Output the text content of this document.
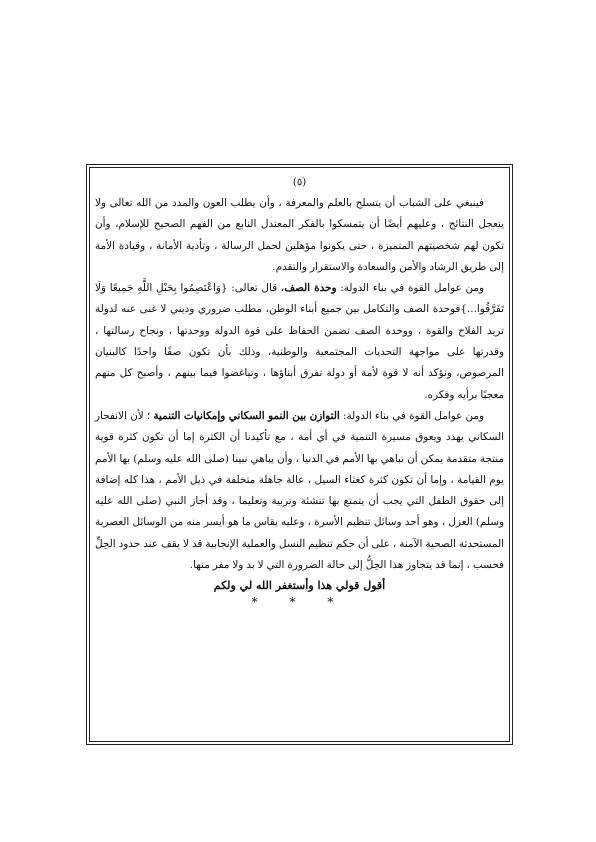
(٥)

فينبغي على الشباب أن يتسلح بالعلم والمعرفة ، وأن يطلب العون والمدد من الله تعالى ولا يتعجل النتائج ، وعليهم أيضًا أن يتمسكوا بالفكر المعتدل النابع من الفهم الصحيح للإسلام، وأن تكون لهم شخصيتهم المتميزة ، حتى يكونوا مؤهلين لحمل الرسالة ، وتأدية الأمانة ، وقيادة الأمة إلى طريق الرشاد والأمن والسعادة والاستقرار والتقدم.

ومن عوامل القوة في بناء الدولة: وحدة الصف، قال تعالى: {وَاعْتَصِمُوا بِحَبْلِ اللَّهِ جَمِيعًا وَلَا تَفَرَّقُوا...}فوحدة الصف والتكامل بين جميع أبناء الوطن، مطلب ضروري وديني لا غنى عنه لدولة تريد الفلاح والقوة ، ووحدة الصف تضمن الحفاظ على قوة الدولة ووحدتها ، ونجاح رسالتها ، وقدرتها على مواجهة التحديات المجتمعية والوطنية، وذلك بأن تكون صفًا واحدًا كالبنيان المرصوص، ونؤكد أنه لا قوة لأمة أو دولة تفرق أبناؤها ، وتباغضوا فيما بينهم ، وأصبح كل منهم معجبًا برأيه وفكره.

ومن عوامل القوة في بناء الدولة: التوازن بين النمو السكاني وإمكانيات التنمية ؛ لأن الانفجار السكاني يهدد ويعوق مسيرة التنمية في أي أمة ، مع تأكيدنا أن الكثرة إما أن تكون كثرة قوية منتجة متقدمة يمكن أن نباهي بها الأمم في الدنيا ، وأن يباهي نبينا (صلى الله عليه وسلم) بها الأمم يوم القيامة ، وإما أن تكون كثرة كغثاء السيل ، عالة جاهلة متخلفة في ذيل الأمم ، هذا كله إضافة إلى حقوق الطفل التي يجب أن يتمتع بها تنشئة وتربية وتعليما ، وقد أجاز النبي (صلى الله عليه وسلم) العزل ، وهو أحد وسائل تنظيم الأسرة ، وعليه يقاس ما هو أيسر منه من الوسائل العصرية المستحدثة الصحية الآمنة ، على أن حكم تنظيم النسل والعملية الإنجابية قد لا يقف عند حدود الحِلِّ فحسب ، إنما قد يتجاوز هذا الحِلُّ إلى حالة الضرورة التي لا بد ولا مفر منها.

أقول قولي هذا وأستغفر الله لي ولكم

* * *
